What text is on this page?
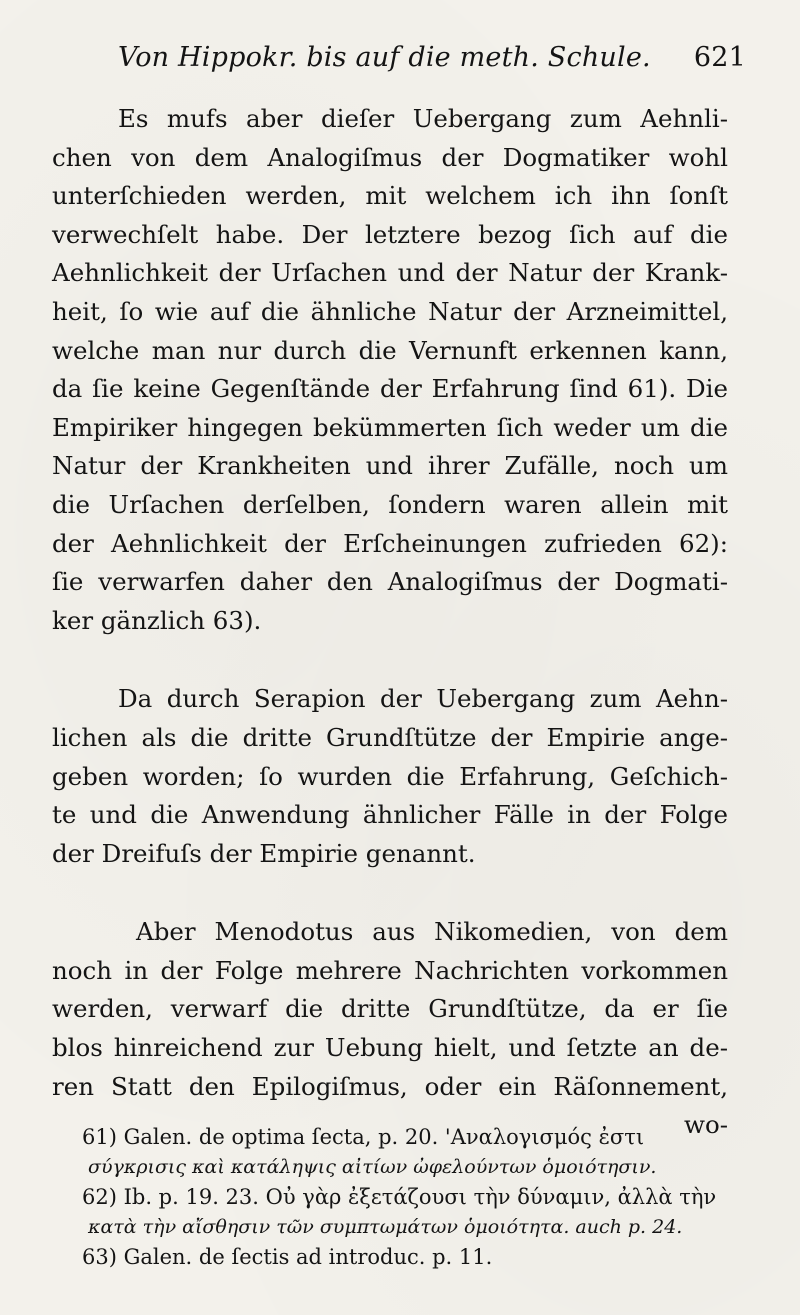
Von Hippokr. bis auf die meth. Schule. 621
Es mufs aber dieſer Uebergang zum Aehnli-
chen von dem Analogiſmus der Dogmatiker wohl
unterſchieden werden, mit welchem ich ihn ſonſt
verwechſelt habe. Der letztere bezog ſich auf die
Aehnlichkeit der Urſachen und der Natur der Krank-
heit, ſo wie auf die ähnliche Natur der Arzneimittel,
welche man nur durch die Vernunft erkennen kann,
da ſie keine Gegenſtände der Erfahrung ſind 61). Die
Empiriker hingegen bekümmerten ſich weder um die
Natur der Krankheiten und ihrer Zufälle, noch um
die Urſachen derſelben, ſondern waren allein mit
der Aehnlichkeit der Erſcheinungen zufrieden 62):
ſie verwarfen daher den Analogiſmus der Dogmati-
ker gänzlich 63).
Da durch Serapion der Uebergang zum Aehn-
lichen als die dritte Grundſtütze der Empirie ange-
geben worden; ſo wurden die Erfahrung, Geſchich-
te und die Anwendung ähnlicher Fälle in der Folge
der Dreifuſs der Empirie genannt.
Aber Menodotus aus Nikomedien, von dem
noch in der Folge mehrere Nachrichten vorkommen
werden, verwarf die dritte Grundſtütze, da er ſie
blos hinreichend zur Uebung hielt, und ſetzte an de-
ren Statt den Epilogiſmus, oder ein Räſonnement,
wo-
61) Galen. de optima ſecta, p. 20. 'Αναλογισμός ἐστι
σύγκρισις καὶ κατάληψις αἰτίων ὠφελούντων ὁμοιότησιν.
62) Ib. p. 19. 23. Οὐ γὰρ ἐξετάζουσι τὴν δύναμιν, ἀλλὰ τὴν
κατὰ τὴν αἴσθησιν τῶν συμπτωμάτων ὁμοιότητα. auch p. 24.
63) Galen. de ſectis ad introduc. p. 11.
